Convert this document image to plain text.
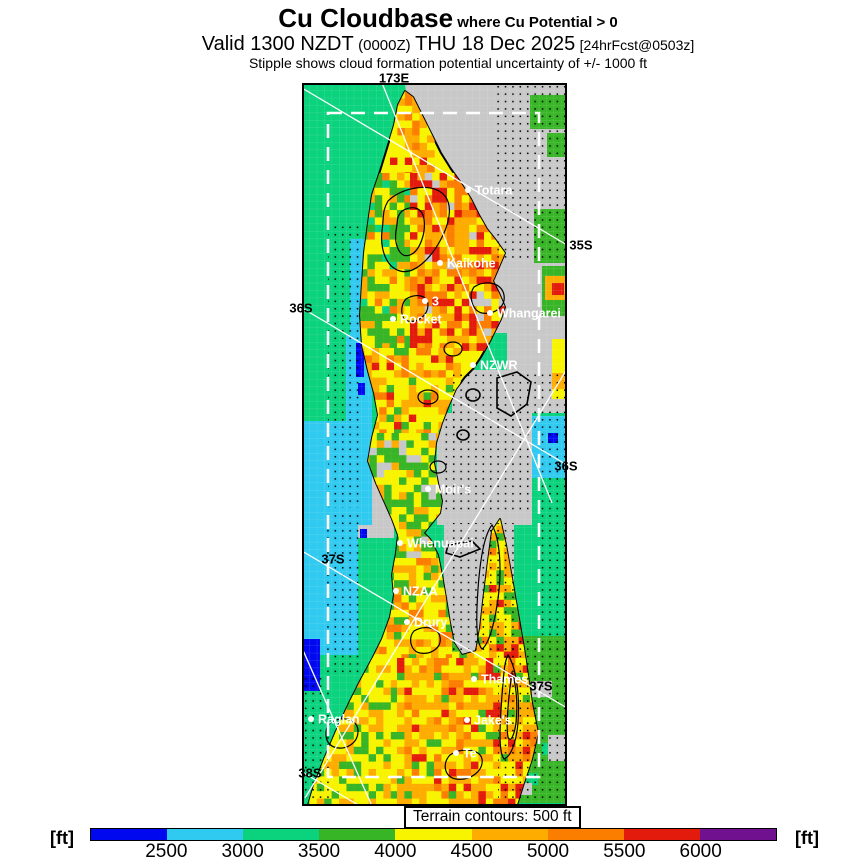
Cu Cloudbase where Cu Potential > 0
Valid 1300 NZDT (0000Z) THU 18 Dec 2025 [24hrFcst@0503z]
Stipple shows cloud formation potential uncertainty of +/- 1000 ft
Totara
Kaikohe
3
Rocket	Whangarei
NZWR
Moir's
Whenuapai
NZAA
Drury
Thames
Raglan	Jake's
Te
173E
35S
36S
36S
37S
37S
38S
Terrain contours: 500 ft
2500 3000 3500 4000 4500 5000 5500 6000
[ft]	[ft]
